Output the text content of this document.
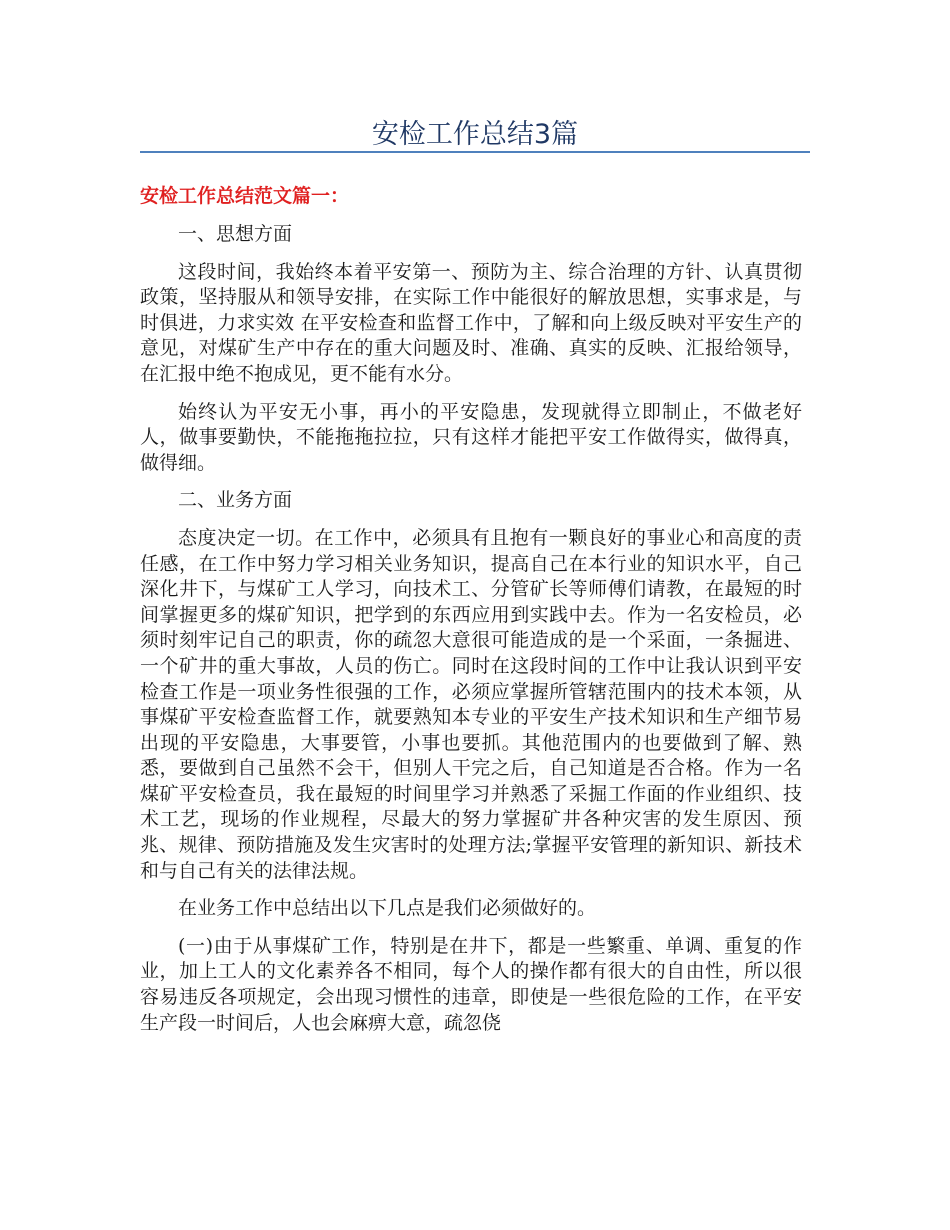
安检工作总结3篇
安检工作总结范文篇一：

一、思想方面

这段时间，我始终本着平安第一、预防为主、综合治理的方针、认真贯彻政策，坚持服从和领导安排，在实际工作中能很好的解放思想，实事求是，与时俱进，力求实效 在平安检查和监督工作中，了解和向上级反映对平安生产的意见，对煤矿生产中存在的重大问题及时、准确、真实的反映、汇报给领导，在汇报中绝不抱成见，更不能有水分。

始终认为平安无小事，再小的平安隐患，发现就得立即制止，不做老好人，做事要勤快，不能拖拖拉拉，只有这样才能把平安工作做得实，做得真，做得细。

二、业务方面

态度决定一切。在工作中，必须具有且抱有一颗良好的事业心和高度的责任感，在工作中努力学习相关业务知识，提高自己在本行业的知识水平，自己深化井下，与煤矿工人学习，向技术工、分管矿长等师傅们请教，在最短的时间掌握更多的煤矿知识，把学到的东西应用到实践中去。作为一名安检员，必须时刻牢记自己的职责，你的疏忽大意很可能造成的是一个采面，一条掘进、一个矿井的重大事故，人员的伤亡。同时在这段时间的工作中让我认识到平安检查工作是一项业务性很强的工作，必须应掌握所管辖范围内的技术本领，从事煤矿平安检查监督工作，就要熟知本专业的平安生产技术知识和生产细节易出现的平安隐患，大事要管，小事也要抓。其他范围内的也要做到了解、熟悉，要做到自己虽然不会干，但别人干完之后，自己知道是否合格。作为一名煤矿平安检查员，我在最短的时间里学习并熟悉了采掘工作面的作业组织、技术工艺，现场的作业规程，尽最大的努力掌握矿井各种灾害的发生原因、预兆、规律、预防措施及发生灾害时的处理方法;掌握平安管理的新知识、新技术和与自己有关的法律法规。

在业务工作中总结出以下几点是我们必须做好的。

(一)由于从事煤矿工作，特别是在井下，都是一些繁重、单调、重复的作业，加上工人的文化素养各不相同，每个人的操作都有很大的自由性，所以很容易违反各项规定，会出现习惯性的违章，即使是一些很危险的工作，在平安生产段一时间后，人也会麻痹大意，疏忽侥
